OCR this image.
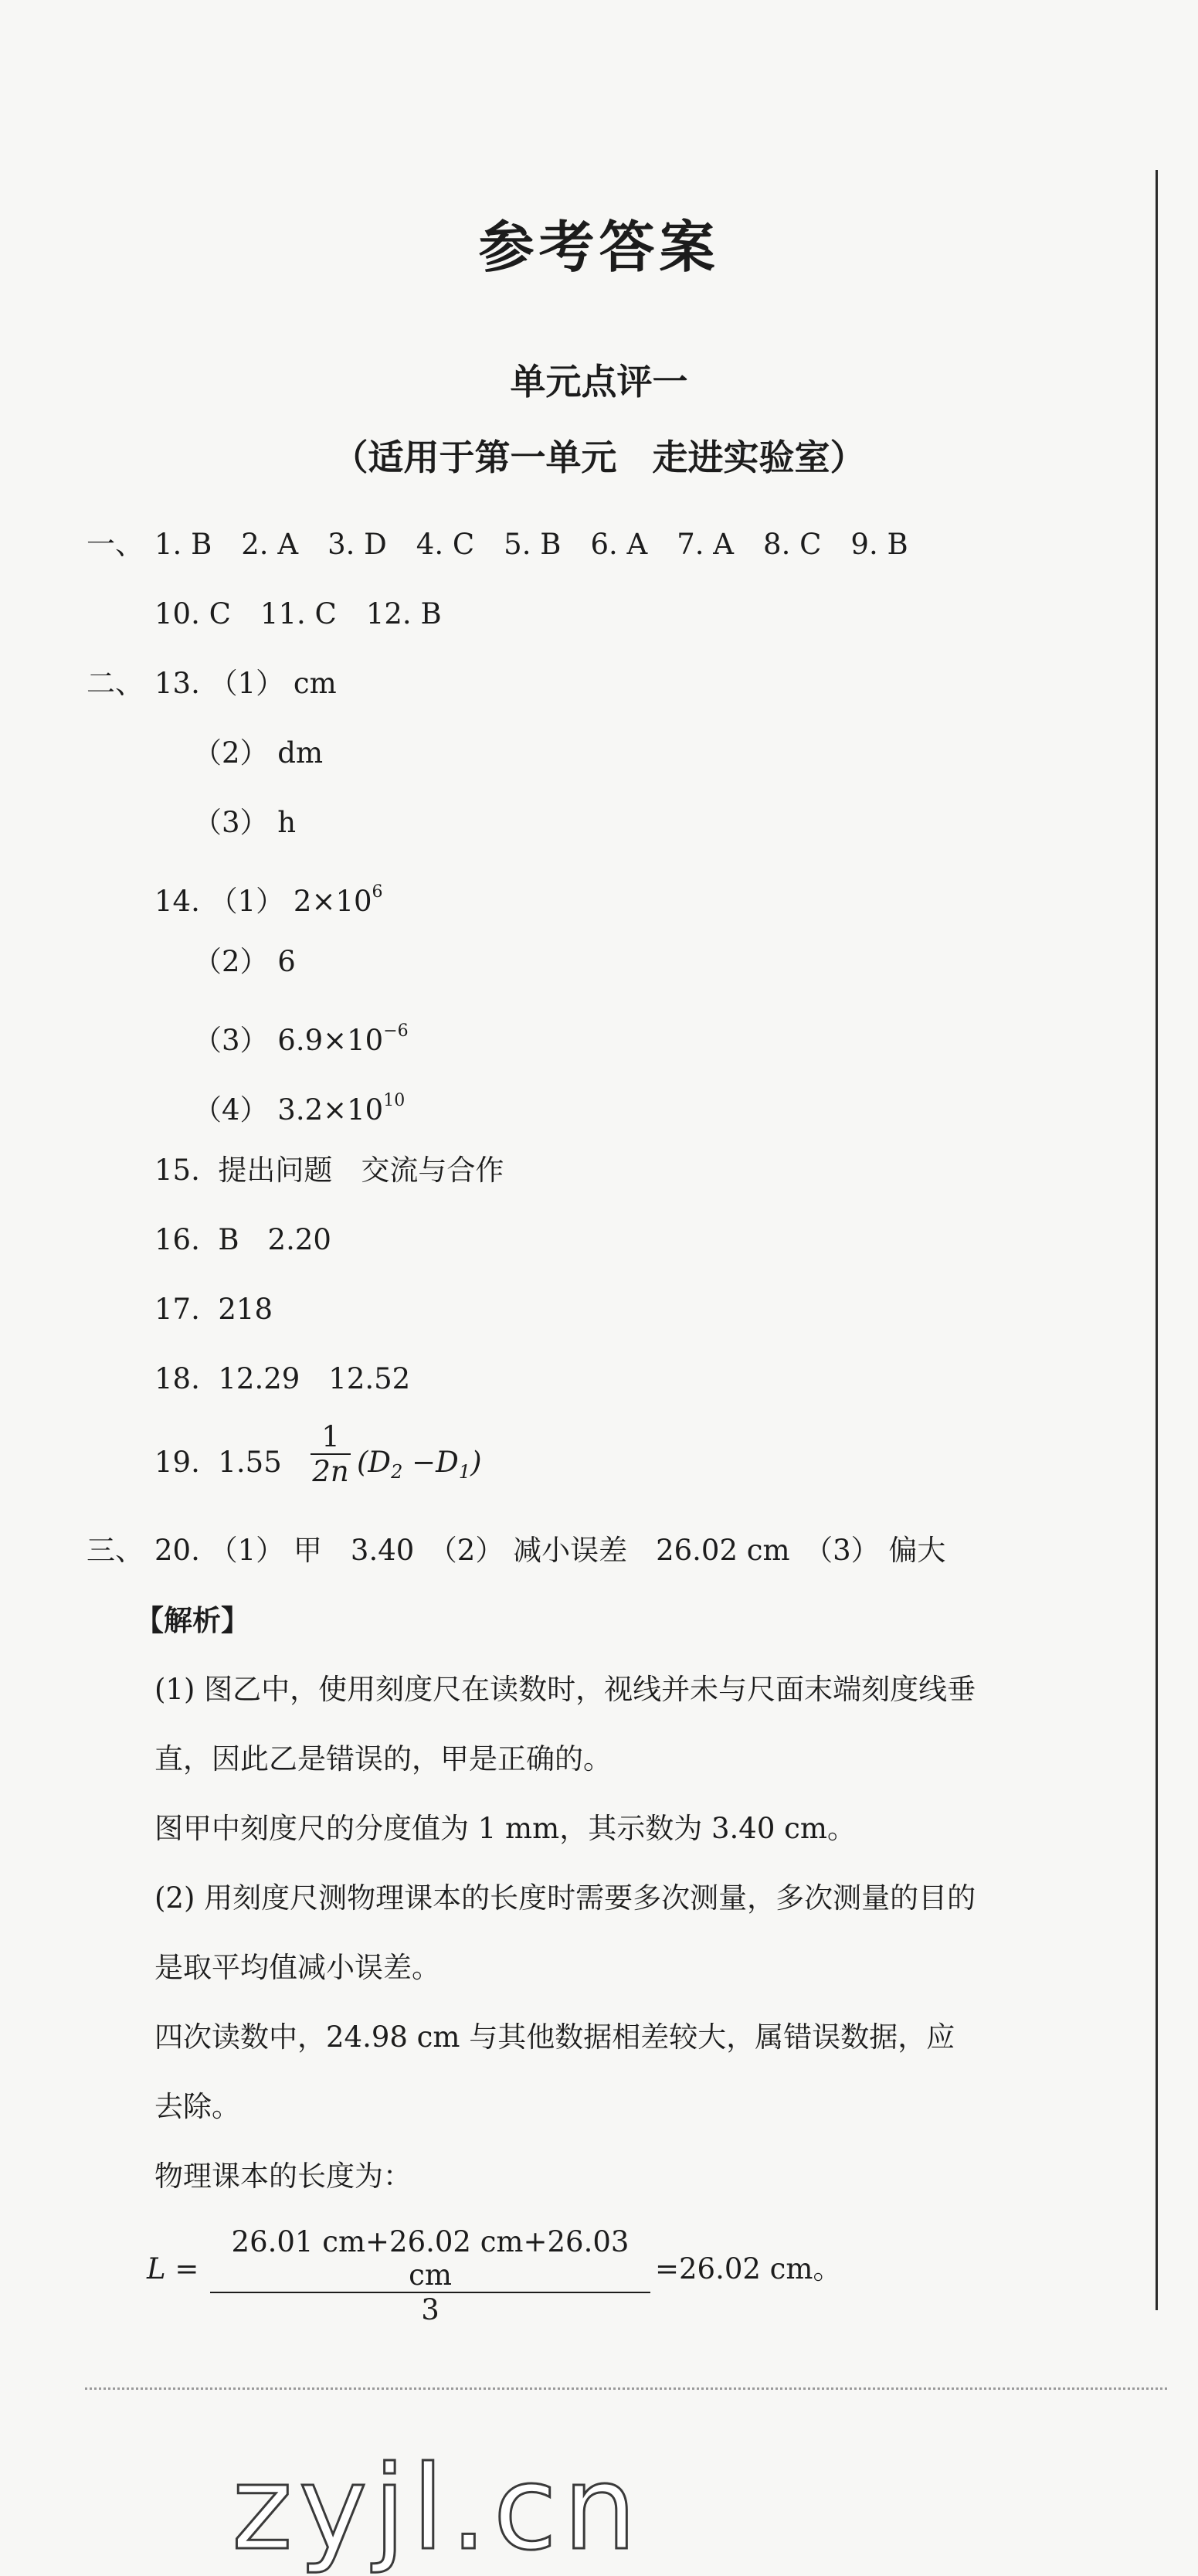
参考答案
单元点评一
（适用于第一单元　走进实验室）
一、 1. B 2. A 3. D 4. C 5. B 6. A 7. A 8. C 9. B
10. C 11. C 12. B
二、 13. （1） cm
（2） dm
（3） h
14. （1） $2\times 10^6$
（2） 6
（3） $6.9\times 10^{-6}$
（4） $3.2\times 10^{10}$
15.  提出问题　交流与合作
16.  B　2.20
17.  218
18.  12.29　12.52
19.  1.55
1
2n $(D_2 -D_1)$
三、 20. （1） 甲　3.40　（2） 减小误差　26.02 cm　（3） 偏大
【解析】
(1) 图乙中，使用刻度尺在读数时，视线并未与尺面末端刻度线垂
直，因此乙是错误的，甲是正确的。
图甲中刻度尺的分度值为 1 mm，其示数为 3.40 cm。
(2) 用刻度尺测物理课本的长度时需要多次测量，多次测量的目的
是取平均值减小误差。
四次读数中，24.98 cm 与其他数据相差较大，属错误数据，应
去除。
物理课本的长度为：
L =
26.01 cm+26.02 cm+26.03 cm
3
=26.02 cm。
zyjl.cn
